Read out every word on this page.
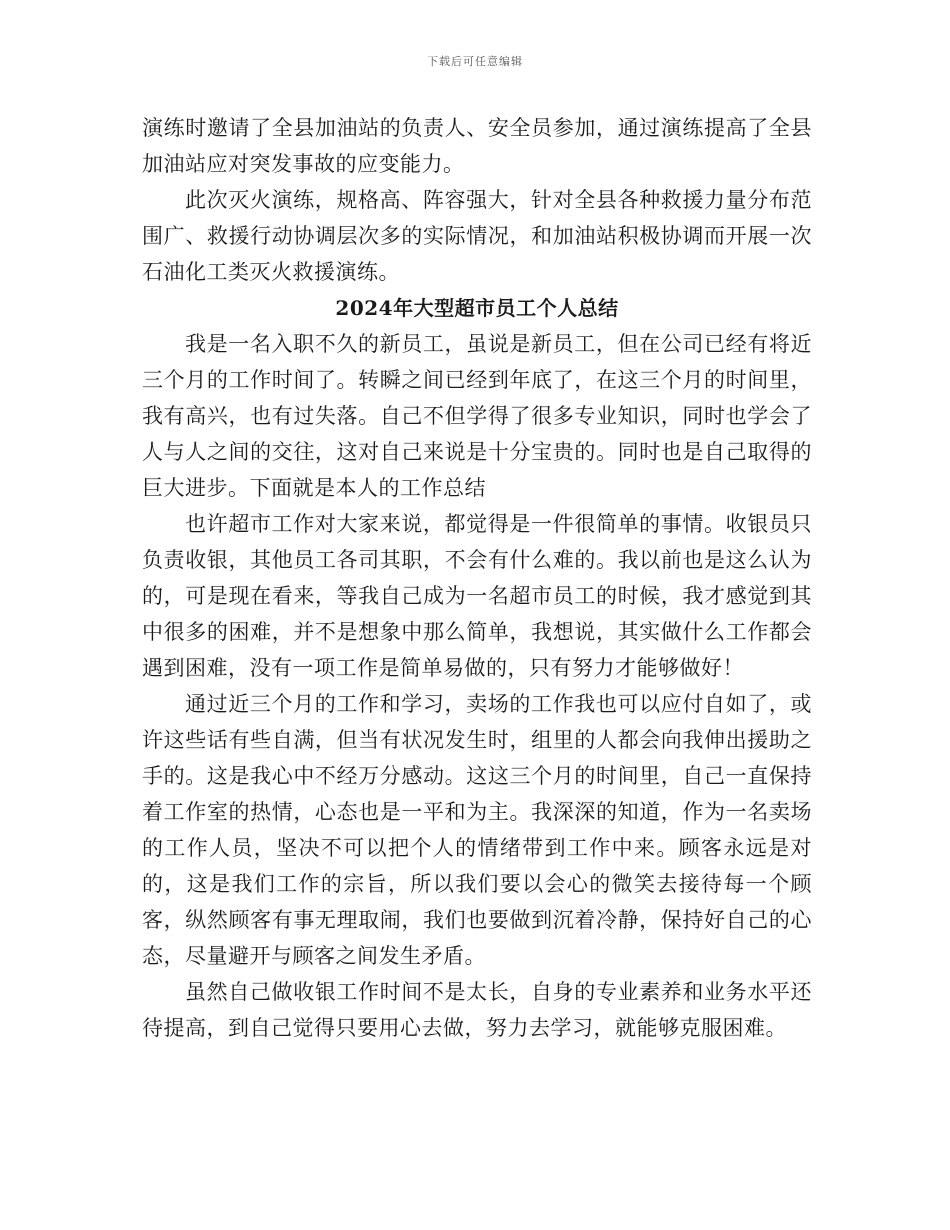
下载后可任意编辑

演练时邀请了全县加油站的负责人、安全员参加，通过演练提高了全县加油站应对突发事故的应变能力。

此次灭火演练，规格高、阵容强大，针对全县各种救援力量分布范围广、救援行动协调层次多的实际情况，和加油站积极协调而开展一次石油化工类灭火救援演练。

2024年大型超市员工个人总结

我是一名入职不久的新员工，虽说是新员工，但在公司已经有将近三个月的工作时间了。转瞬之间已经到年底了，在这三个月的时间里，我有高兴，也有过失落。自己不但学得了很多专业知识，同时也学会了人与人之间的交往，这对自己来说是十分宝贵的。同时也是自己取得的巨大进步。下面就是本人的工作总结

也许超市工作对大家来说，都觉得是一件很简单的事情。收银员只负责收银，其他员工各司其职，不会有什么难的。我以前也是这么认为的，可是现在看来，等我自己成为一名超市员工的时候，我才感觉到其中很多的困难，并不是想象中那么简单，我想说，其实做什么工作都会遇到困难，没有一项工作是简单易做的，只有努力才能够做好！

通过近三个月的工作和学习，卖场的工作我也可以应付自如了，或许这些话有些自满，但当有状况发生时，组里的人都会向我伸出援助之手的。这是我心中不经万分感动。这这三个月的时间里，自己一直保持着工作室的热情，心态也是一平和为主。我深深的知道，作为一名卖场的工作人员，坚决不可以把个人的情绪带到工作中来。顾客永远是对的，这是我们工作的宗旨，所以我们要以会心的微笑去接待每一个顾客，纵然顾客有事无理取闹，我们也要做到沉着冷静，保持好自己的心态，尽量避开与顾客之间发生矛盾。

虽然自己做收银工作时间不是太长，自身的专业素养和业务水平还待提高，到自己觉得只要用心去做，努力去学习，就能够克服困难。
